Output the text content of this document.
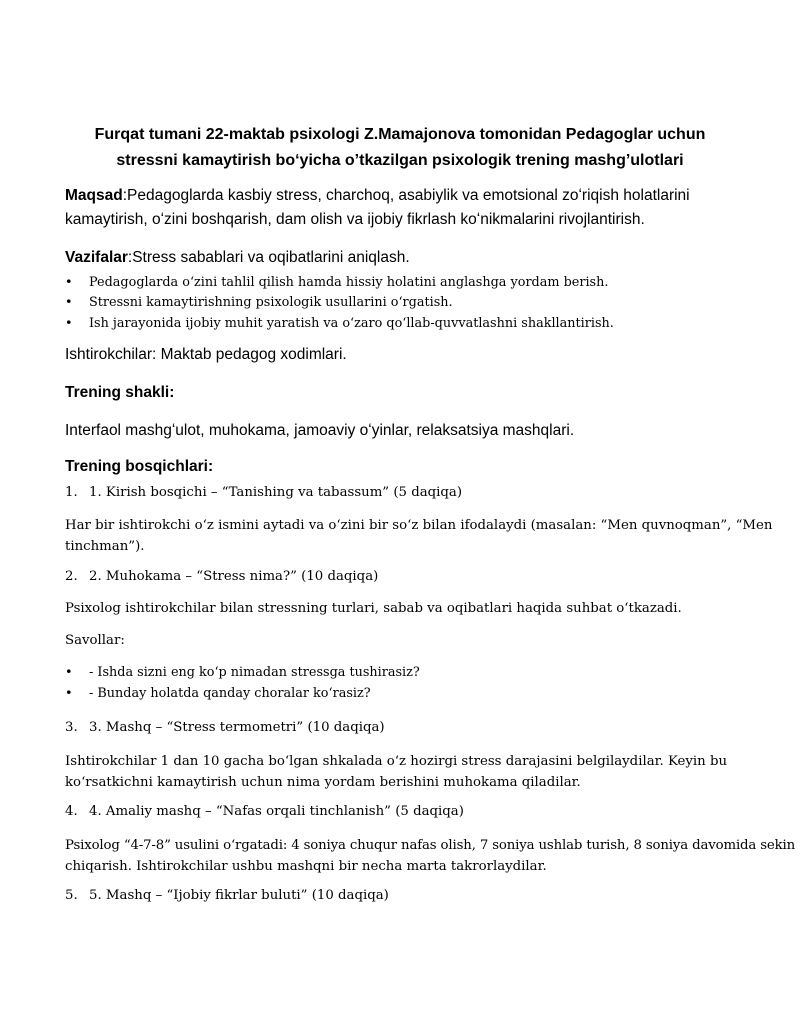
Furqat tumani 22-maktab psixologi Z.Mamajonova tomonidan Pedagoglar uchun
stressni kamaytirish boʻyicha o’tkazilgan psixologik trening mashg’ulotlari
Maqsad:Pedagoglarda kasbiy stress, charchoq, asabiylik va emotsional zoʻriqish holatlarini
kamaytirish, oʻzini boshqarish, dam olish va ijobiy fikrlash koʻnikmalarini rivojlantirish.
Vazifalar:Stress sabablari va oqibatlarini aniqlash.
• Pedagoglarda oʻzini tahlil qilish hamda hissiy holatini anglashga yordam berish.
• Stressni kamaytirishning psixologik usullarini oʻrgatish.
• Ish jarayonida ijobiy muhit yaratish va oʻzaro qoʻllab-quvvatlashni shakllantirish.
Ishtirokchilar: Maktab pedagog xodimlari.
Trening shakli:
Interfaol mashgʻulot, muhokama, jamoaviy oʻyinlar, relaksatsiya mashqlari.
Trening bosqichlari:
1. 1. Kirish bosqichi – “Tanishing va tabassum” (5 daqiqa)
Har bir ishtirokchi oʻz ismini aytadi va oʻzini bir soʻz bilan ifodalaydi (masalan: “Men quvnoqman”, “Men
tinchman”).
2. 2. Muhokama – “Stress nima?” (10 daqiqa)
Psixolog ishtirokchilar bilan stressning turlari, sabab va oqibatlari haqida suhbat oʻtkazadi.
Savollar:
• - Ishda sizni eng koʻp nimadan stressga tushirasiz?
• - Bunday holatda qanday choralar koʻrasiz?
3. 3. Mashq – “Stress termometri” (10 daqiqa)
Ishtirokchilar 1 dan 10 gacha boʻlgan shkalada oʻz hozirgi stress darajasini belgilaydilar. Keyin bu
koʻrsatkichni kamaytirish uchun nima yordam berishini muhokama qiladilar.
4. 4. Amaliy mashq – “Nafas orqali tinchlanish” (5 daqiqa)
Psixolog “4-7-8” usulini oʻrgatadi: 4 soniya chuqur nafas olish, 7 soniya ushlab turish, 8 soniya davomida sekin
chiqarish. Ishtirokchilar ushbu mashqni bir necha marta takrorlaydilar.
5. 5. Mashq – “Ijobiy fikrlar buluti” (10 daqiqa)
